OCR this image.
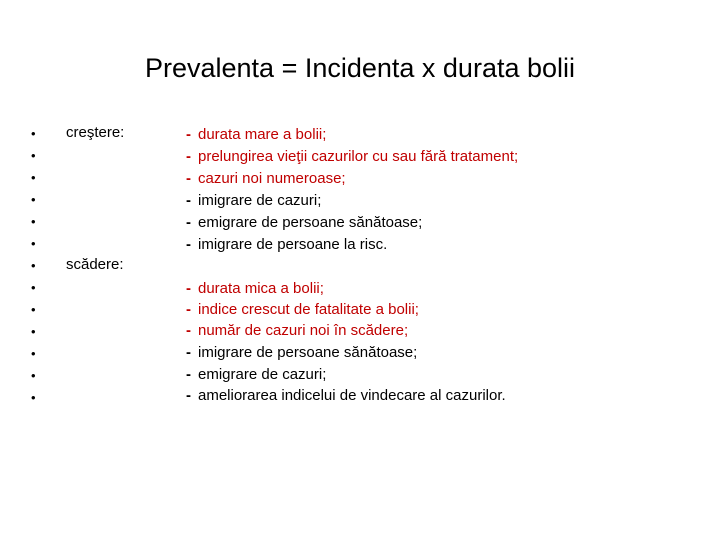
Prevalenta = Incidenta x durata bolii
•
•
•
•
•
•
•
•
•
•
•
•
•
creştere:
scădere:
- durata mare a bolii;
- prelungirea vieţii cazurilor cu sau fără tratament;
- cazuri noi numeroase;
- imigrare de cazuri;
- emigrare de persoane sănătoase;
- imigrare de persoane la risc.
- durata mica a bolii;
- indice crescut de fatalitate a bolii;
- număr de cazuri noi în scădere;
- imigrare de persoane sănătoase;
- emigrare de cazuri;
- ameliorarea indicelui de vindecare al cazurilor.
